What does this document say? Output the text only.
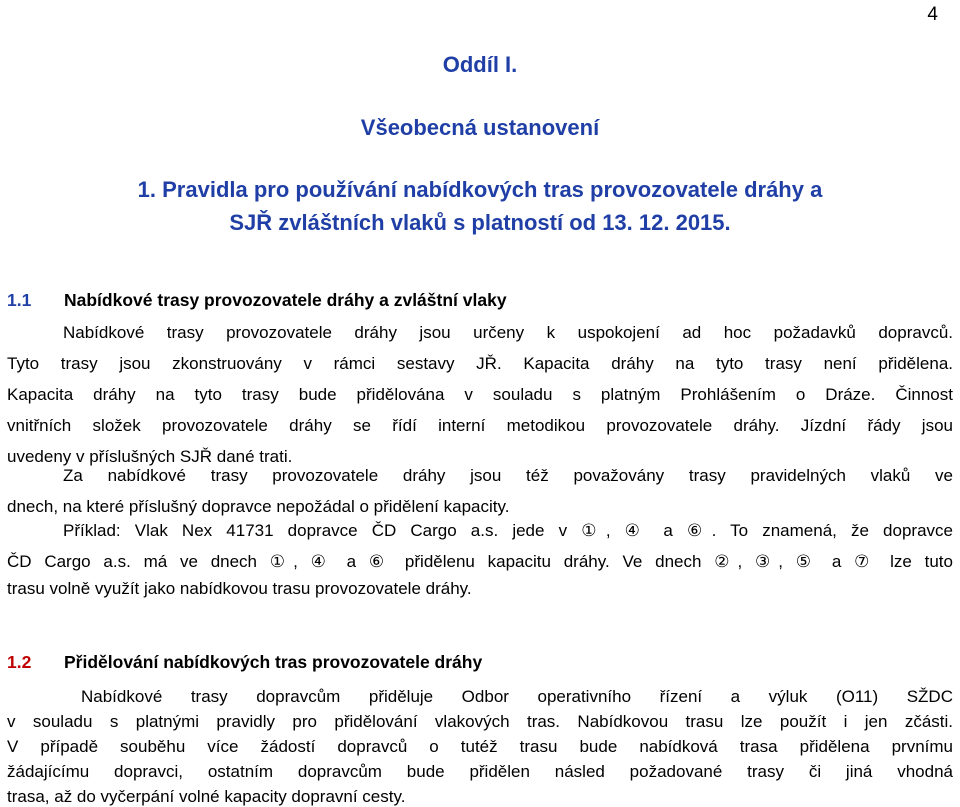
4
Oddíl I.
Všeobecná ustanovení
1. Pravidla pro používání nabídkových tras provozovatele dráhy a
SJŘ zvláštních vlaků s platností od 13. 12. 2015.
1.1 Nabídkové trasy provozovatele dráhy a zvláštní vlaky
Nabídkové trasy provozovatele dráhy jsou určeny k uspokojení ad hoc požadavků dopravců.
Tyto trasy jsou zkonstruovány v rámci sestavy JŘ. Kapacita dráhy na tyto trasy není přidělena.
Kapacita dráhy na tyto trasy bude přidělována v souladu s platným Prohlášením o Dráze. Činnost
vnitřních složek provozovatele dráhy se řídí interní metodikou provozovatele dráhy. Jízdní řády jsou
uvedeny v příslušných SJŘ dané trati.
Za nabídkové trasy provozovatele dráhy jsou též považovány trasy pravidelných vlaků ve
dnech, na které příslušný dopravce nepožádal o přidělení kapacity.
Příklad: Vlak Nex 41731 dopravce ČD Cargo a.s. jede v ①, ④ a ⑥. To znamená, že dopravce
ČD Cargo a.s. má ve dnech ①, ④ a ⑥ přidělenu kapacitu dráhy. Ve dnech ②, ③, ⑤ a ⑦ lze tuto
trasu volně využít jako nabídkovou trasu provozovatele dráhy.
1.2 Přidělování nabídkových tras provozovatele dráhy
Nabídkové trasy dopravcům přiděluje Odbor operativního řízení a výluk (O11) SŽDC
v souladu s platnými pravidly pro přidělování vlakových tras. Nabídkovou trasu lze použít i jen zčásti.
V případě souběhu více žádostí dopravců o tutéž trasu bude nabídková trasa přidělena prvnímu
žádajícímu dopravci, ostatním dopravcům bude přidělen násled požadované trasy či jiná vhodná
trasa, až do vyčerpání volné kapacity dopravní cesty.
